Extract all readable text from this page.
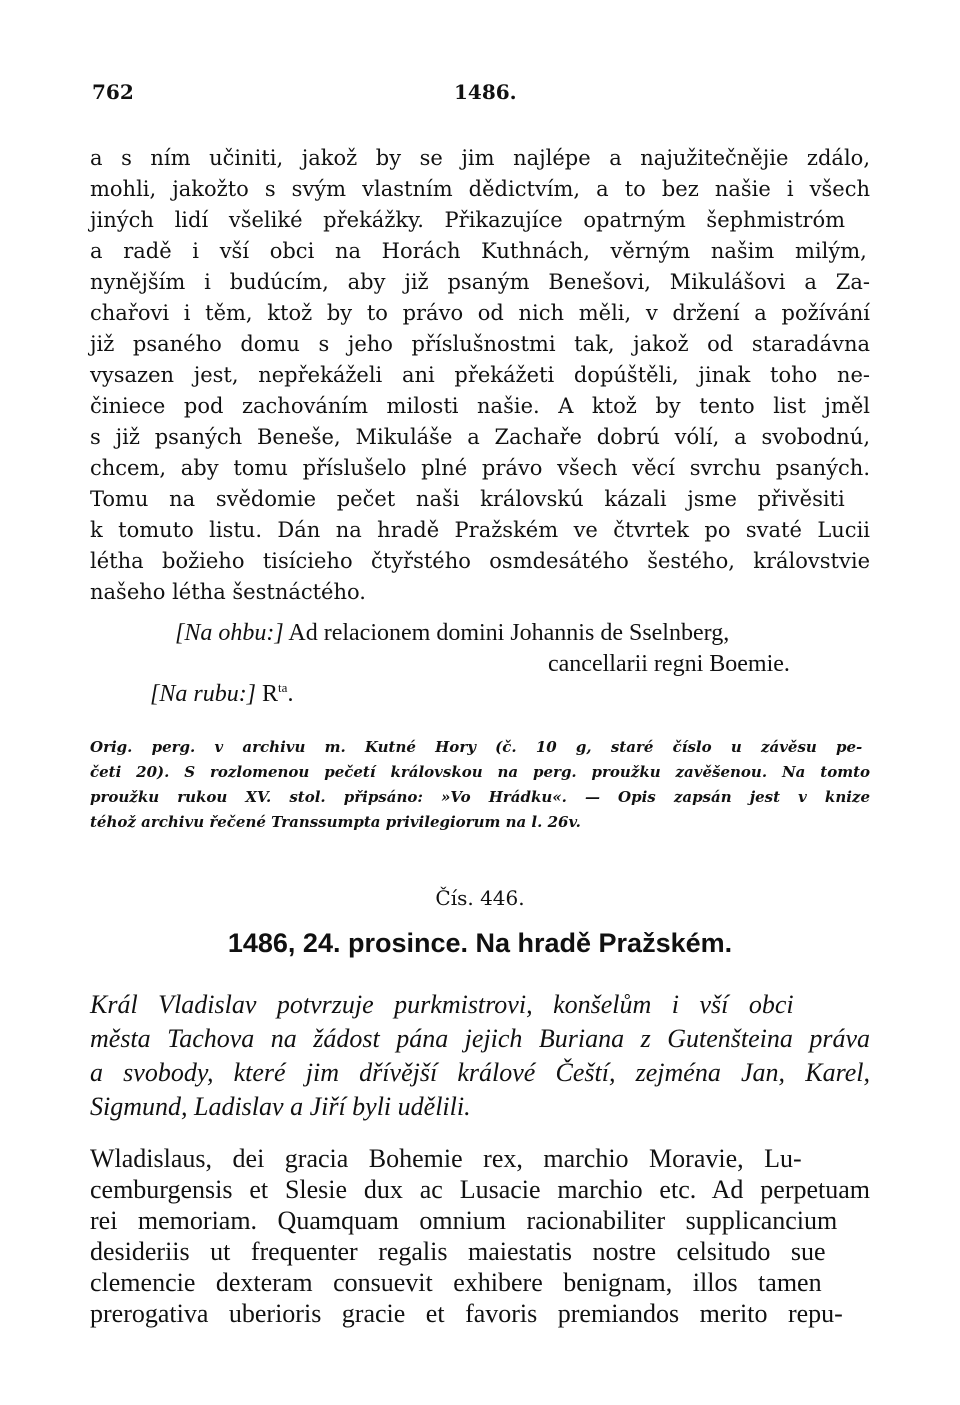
762	1486.
a s ním učiniti, jakož by se jim najlépe a najužitečnějie zdálo,
mohli, jakožto s svým vlastním dědictvím, a to bez našie i všech
jiných lidí všeliké překážky. Přikazujíce opatrným šephmistróm
a radě i vší obci na Horách Kuthnách, věrným našim milým,
nynějším i budúcím, aby již psaným Benešovi, Mikulášovi a Za-
chařovi i těm, ktož by to právo od nich měli, v držení a požívání
již psaného domu s jeho příslušnostmi tak, jakož od staradávna
vysazen jest, nepřekáželi ani překážeti dopúštěli, jinak toho ne-
činiece pod zachováním milosti našie. A ktož by tento list jměl
s již psaných Beneše, Mikuláše a Zachaře dobrú vólí, a svobodnú,
chcem, aby tomu příslušelo plné právo všech věcí svrchu psaných.
Tomu na svědomie pečet naši královskú kázali jsme přivěsiti
k tomuto listu. Dán na hradě Pražském ve čtvrtek po svaté Lucii
létha božieho tisícieho čtyřstého osmdesátého šestého, královstvie
našeho létha šestnáctého.
[Na ohbu:] Ad relacionem domini Johannis de Sselnberg,
cancellarii regni Boemie.
[Na rubu:] $R^{ta}$.
Orig. perg. v archivu m. Kutné Hory (č. 10 g, staré číslo u závěsu pe-
četi 20). S rozlomenou pečetí královskou na perg. proužku zavěšenou. Na tomto
proužku rukou XV. stol. připsáno: »Vo Hrádku«. — Opis zapsán jest v knize
téhož archivu řečené Transsumpta privilegiorum na l. 26v.
Čís. 446.
1486, 24. prosince. Na hradě Pražském.
Král Vladislav potvrzuje purkmistrovi, konšelům i vší obci
města Tachova na žádost pána jejich Buriana z Gutenšteina práva
a svobody, které jim dřívější králové Čeští, zejména Jan, Karel,
Sigmund, Ladislav a Jiří byli udělili.
Wladislaus, dei gracia Bohemie rex, marchio Moravie, Lu-
cemburgensis et Slesie dux ac Lusacie marchio etc. Ad perpetuam
rei memoriam. Quamquam omnium racionabiliter supplicancium
desideriis ut frequenter regalis maiestatis nostre celsitudo sue
clemencie dexteram consuevit exhibere benignam, illos tamen
prerogativa uberioris gracie et favoris premiandos merito repu-
